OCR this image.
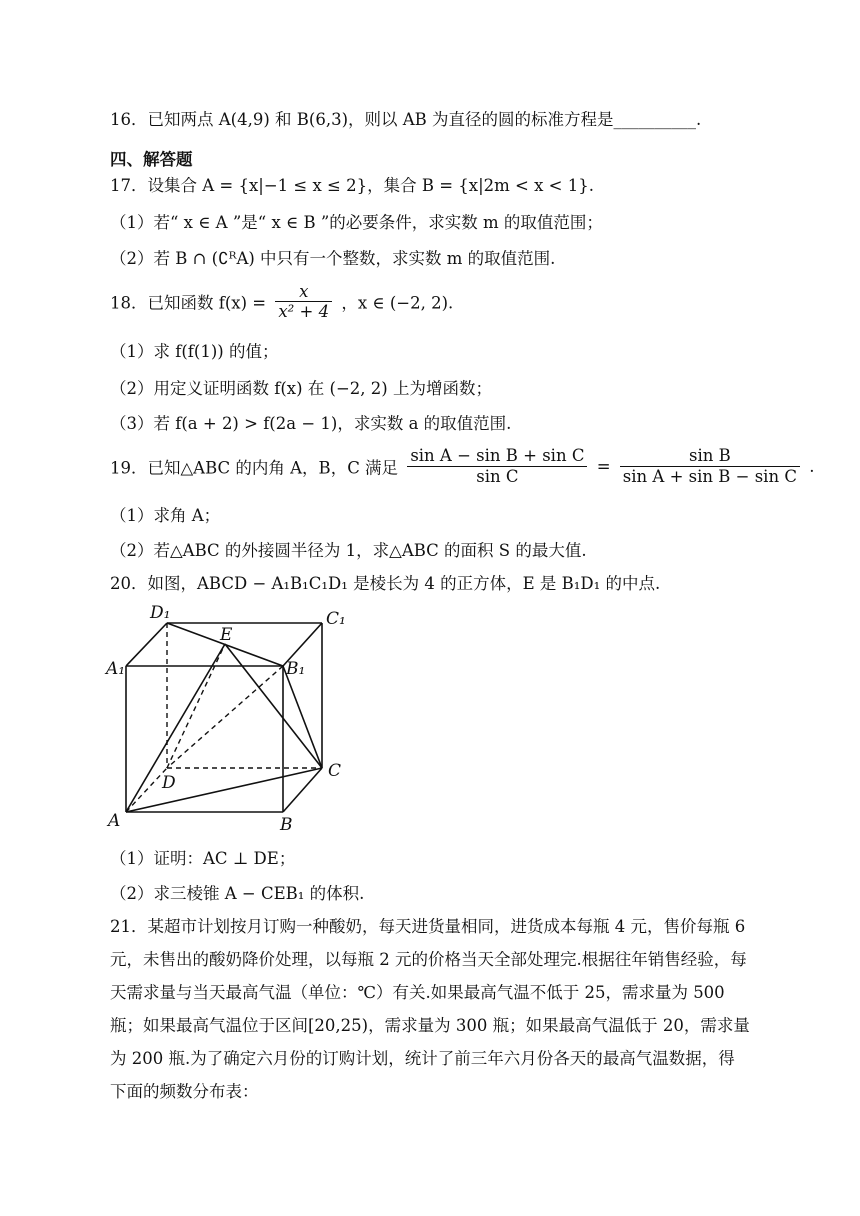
16．已知两点 A(4,9) 和 B(6,3)，则以 AB 为直径的圆的标准方程是__________.
四、解答题
17．设集合 A = {x|−1 ≤ x ≤ 2}，集合 B = {x|2m < x < 1}.
（1）若“ x ∈ A ”是“ x ∈ B ”的必要条件，求实数 m 的取值范围；
（2）若 B ∩ (∁ᴿA) 中只有一个整数，求实数 m 的取值范围.
18．已知函数 $f(x) = \frac{x}{\text{x² + 4}}$ ，x ∈ (−2, 2).
（1）求 f(f(1)) 的值；
（2）用定义证明函数 f(x) 在 (−2, 2) 上为增函数；
（3）若 f(a + 2) > f(2a − 1)，求实数 a 的取值范围.
19．已知△ABC 的内角 A，B，C 满足 $\frac{\text{sin A − sin B + sin C}}{\text{sin C}} = \frac{\text{sin B}}{\text{sin A + sin B − sin C}}$ .
（1）求角 A；
（2）若△ABC 的外接圆半径为 1，求△ABC 的面积 S 的最大值.
20．如图，ABCD − A₁B₁C₁D₁ 是棱长为 4 的正方体，E 是 B₁D₁ 的中点.
D₁	C₁
E
A₁	B₁
D
C
A	B
（1）证明：AC ⊥ DE；
（2）求三棱锥 A − CEB₁ 的体积.
21．某超市计划按月订购一种酸奶，每天进货量相同，进货成本每瓶 4 元，售价每瓶 6 元，未售出的酸奶降价处理，以每瓶 2 元的价格当天全部处理完.根据往年销售经验，每天需求量与当天最高气温（单位：℃）有关.如果最高气温不低于 25，需求量为 500 瓶；如果最高气温位于区间[20,25)，需求量为 300 瓶；如果最高气温低于 20，需求量为 200 瓶.为了确定六月份的订购计划，统计了前三年六月份各天的最高气温数据，得下面的频数分布表：
